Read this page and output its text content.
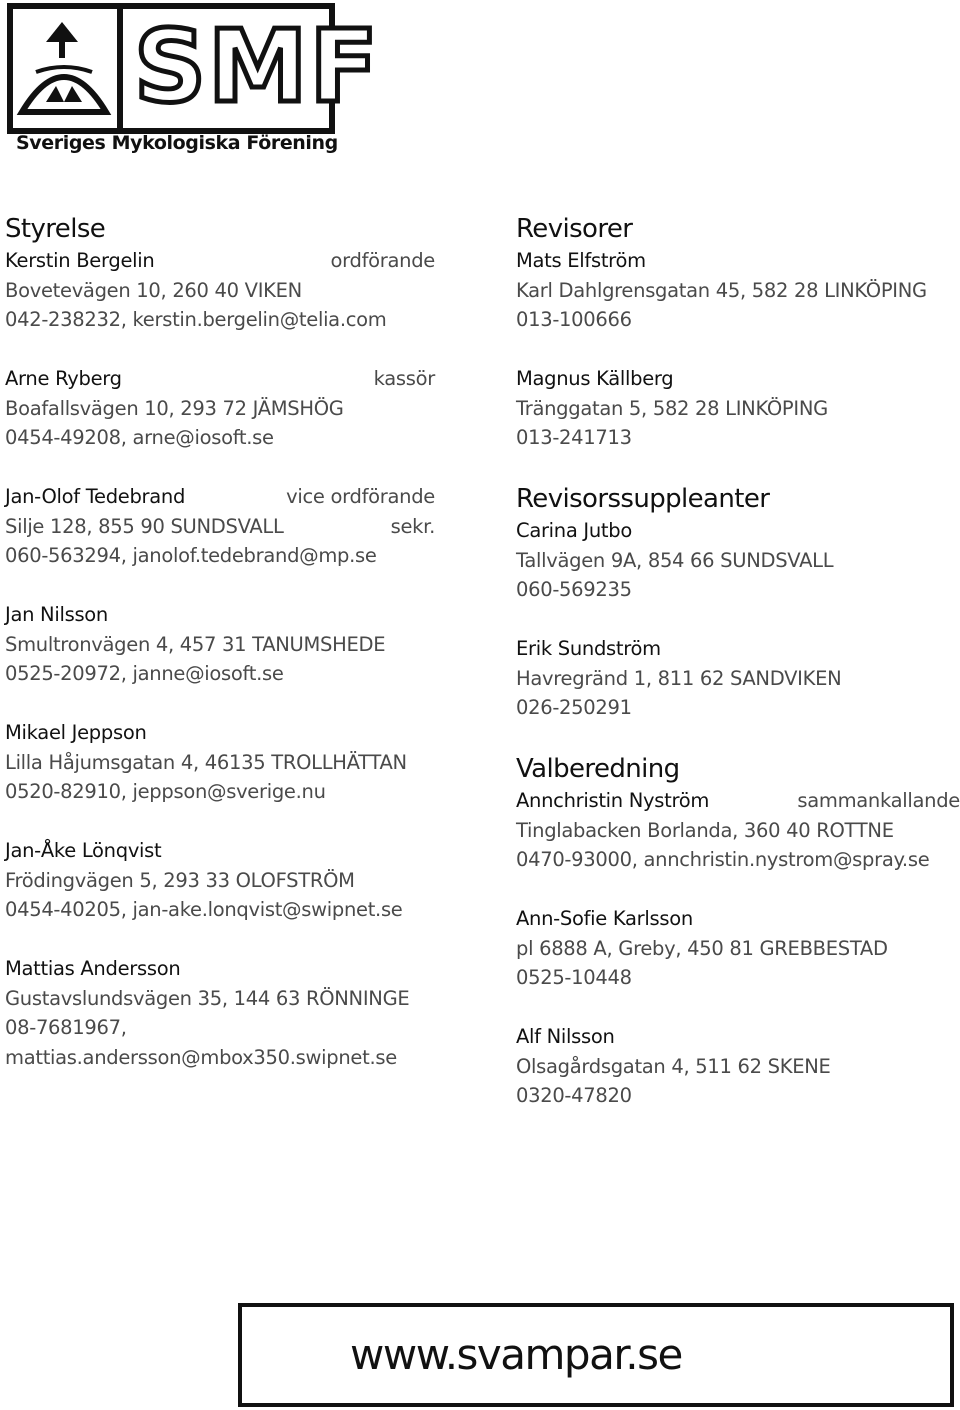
SMF
Sveriges Mykologiska Förening
Styrelse
Kerstin Bergelin	ordförande
Bovetevägen 10, 260 40 VIKEN
042-238232, kerstin.bergelin@telia.com
Arne Ryberg	kassör
Boafallsvägen 10, 293 72 JÄMSHÖG
0454-49208, arne@iosoft.se
Jan-Olof Tedebrand	vice ordförande
Silje 128, 855 90 SUNDSVALL	sekr.
060-563294, janolof.tedebrand@mp.se
Jan Nilsson
Smultronvägen 4, 457 31 TANUMSHEDE
0525-20972, janne@iosoft.se
Mikael Jeppson
Lilla Håjumsgatan 4, 46135 TROLLHÄTTAN
0520-82910, jeppson@sverige.nu
Jan-Åke Lönqvist
Frödingvägen 5, 293 33 OLOFSTRÖM
0454-40205, jan-ake.lonqvist@swipnet.se
Mattias Andersson
Gustavslundsvägen 35, 144 63 RÖNNINGE
08-7681967,
mattias.andersson@mbox350.swipnet.se
Revisorer
Mats Elfström
Karl Dahlgrensgatan 45, 582 28 LINKÖPING
013-100666
Magnus Källberg
Tränggatan 5, 582 28 LINKÖPING
013-241713
Revisorssuppleanter
Carina Jutbo
Tallvägen 9A, 854 66 SUNDSVALL
060-569235
Erik Sundström
Havregränd 1, 811 62 SANDVIKEN
026-250291
Valberedning
Annchristin Nyström	sammankallande
Tinglabacken Borlanda, 360 40 ROTTNE
0470-93000, annchristin.nystrom@spray.se
Ann-Sofie Karlsson
pl 6888 A, Greby, 450 81 GREBBESTAD
0525-10448
Alf Nilsson
Olsagårdsgatan 4, 511 62 SKENE
0320-47820
www.svampar.se
